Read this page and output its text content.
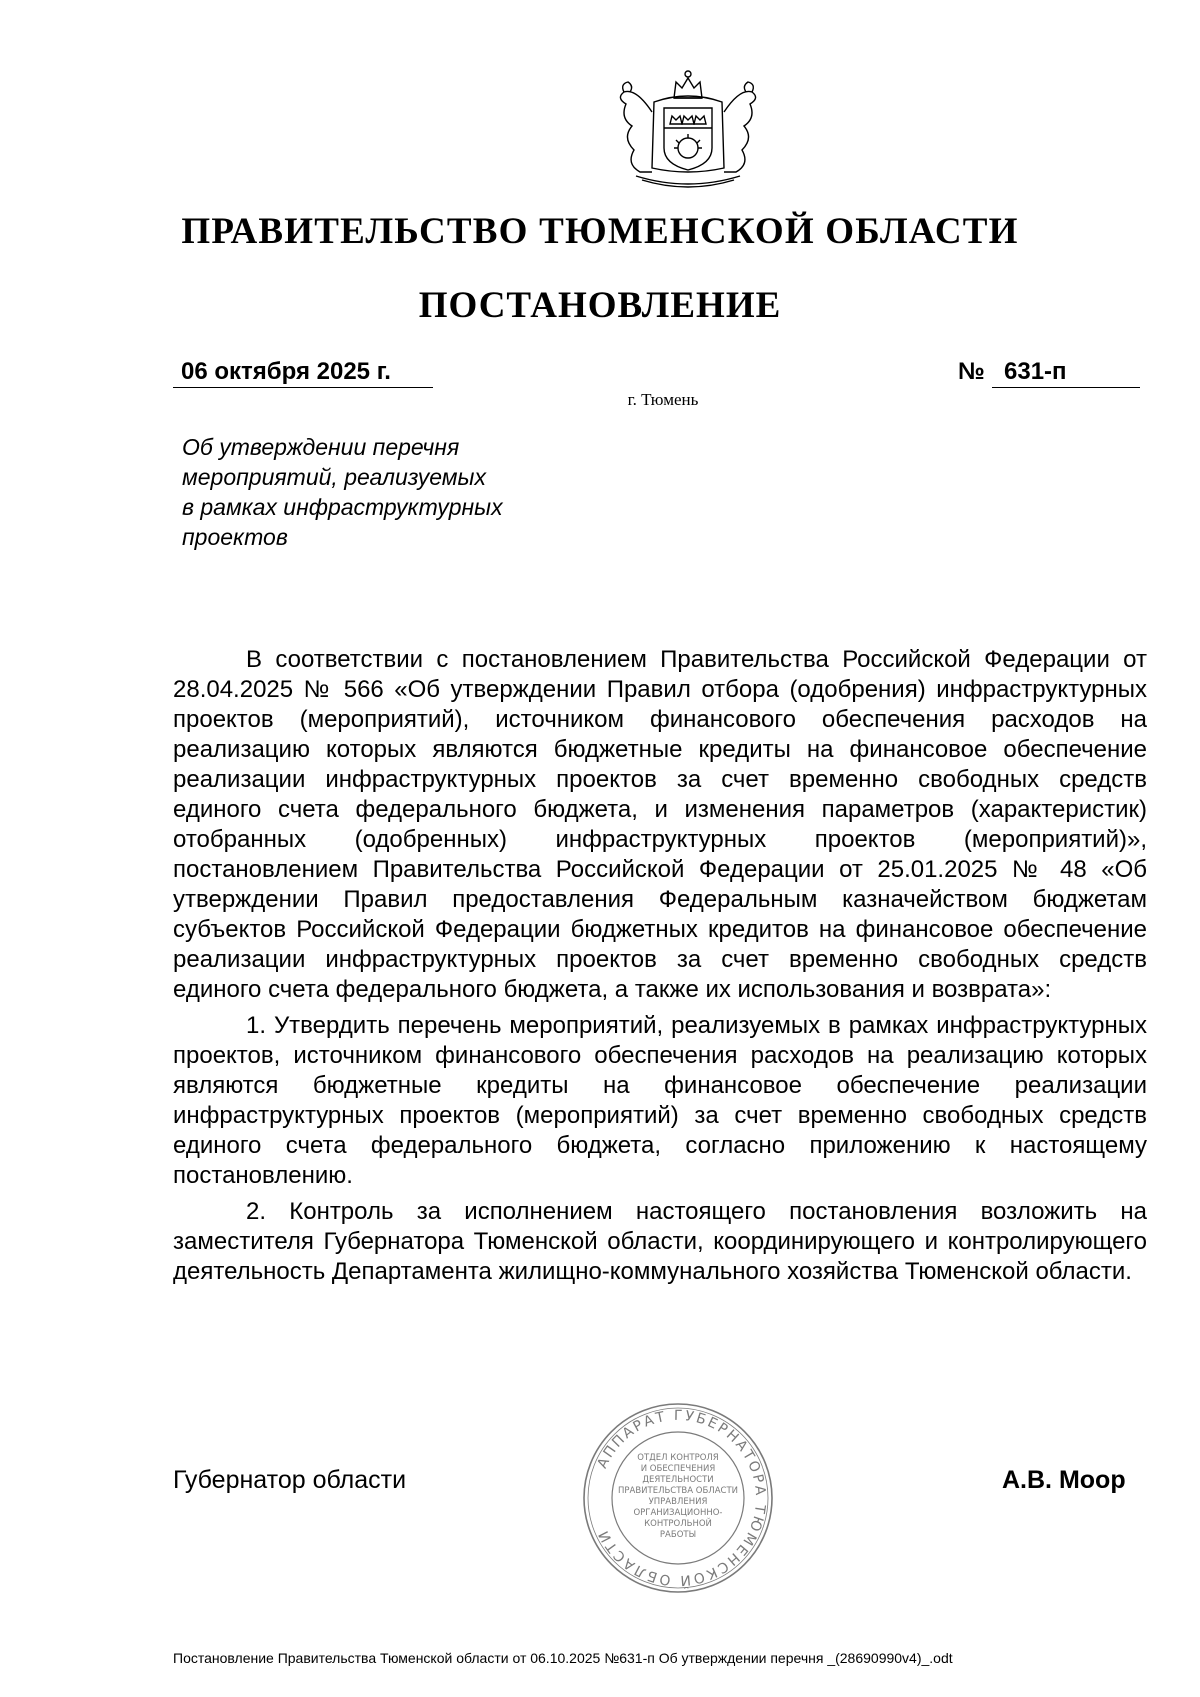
ПРАВИТЕЛЬСТВО ТЮМЕНСКОЙ ОБЛАСТИ
ПОСТАНОВЛЕНИЕ
06 октября 2025 г.	№ 631-п
г. Тюмень
Об утверждении перечня
мероприятий, реализуемых
в рамках инфраструктурных
проектов

В соответствии с постановлением Правительства Российской Федерации от 28.04.2025 № 566 «Об утверждении Правил отбора (одобрения) инфраструктурных проектов (мероприятий), источником финансового обеспечения расходов на реализацию которых являются бюджетные кредиты на финансовое обеспечение реализации инфраструктурных проектов за счет временно свободных средств единого счета федерального бюджета, и изменения параметров (характеристик) отобранных (одобренных) инфраструктурных проектов (мероприятий)», постановлением Правительства Российской Федерации от 25.01.2025 № 48 «Об утверждении Правил предоставления Федеральным казначейством бюджетам субъектов Российской Федерации бюджетных кредитов на финансовое обеспечение реализации инфраструктурных проектов за счет временно свободных средств единого счета федерального бюджета, а также их использования и возврата»:

1. Утвердить перечень мероприятий, реализуемых в рамках инфраструктурных проектов, источником финансового обеспечения расходов на реализацию которых являются бюджетные кредиты на финансовое обеспечение реализации инфраструктурных проектов (мероприятий) за счет временно свободных средств единого счета федерального бюджета, согласно приложению к настоящему постановлению.

2. Контроль за исполнением настоящего постановления возложить на заместителя Губернатора Тюменской области, координирующего и контролирующего деятельность Департамента жилищно-коммунального хозяйства Тюменской области.

АППАРАТ ГУБЕРНАТОРА ТЮМЕНСКОЙ ОБЛАСТИ
ОТДЕЛ КОНТРОЛЯ
И ОБЕСПЕЧЕНИЯ
ДЕЯТЕЛЬНОСТИ
ПРАВИТЕЛЬСТВА ОБЛАСТИ
УПРАВЛЕНИЯ
ОРГАНИЗАЦИОННО-
КОНТРОЛЬНОЙ
РАБОТЫ
Губернатор области	А.В. Моор
Постановление Правительства Тюменской области от 06.10.2025 №631-п Об утверждении перечня _(28690990v4)_.odt
